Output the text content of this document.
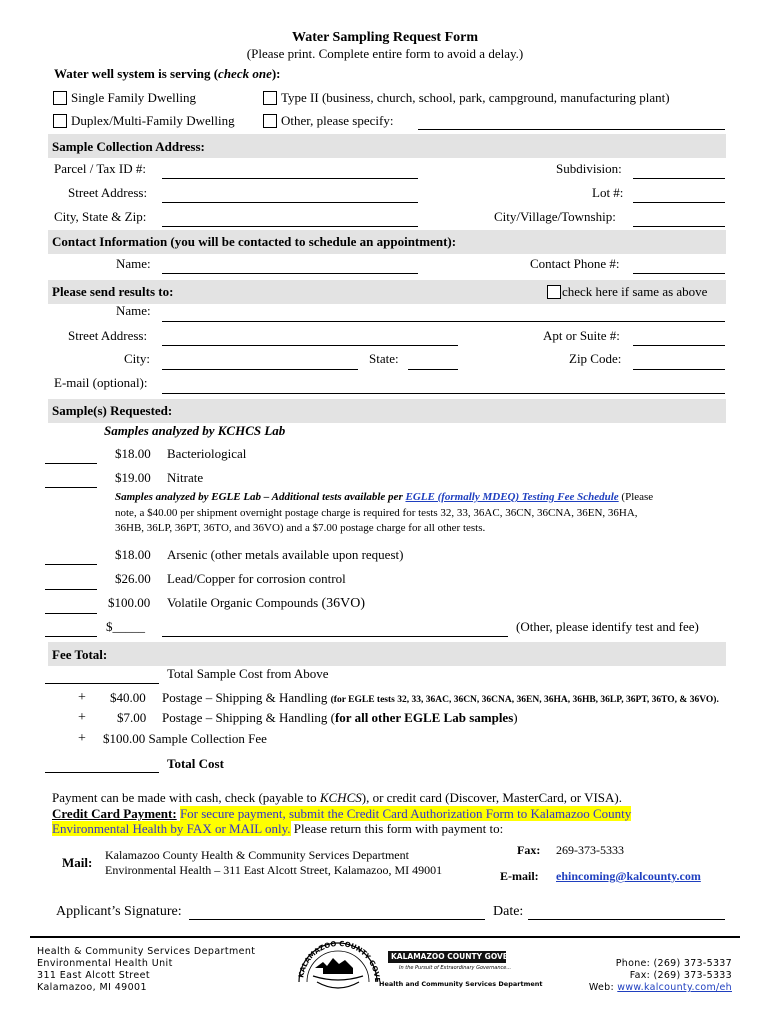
Water Sampling Request Form
(Please print. Complete entire form to avoid a delay.)
Water well system is serving (check one):
Single Family Dwelling	Type II (business, church, school, park, campground, manufacturing plant)
Duplex/Multi-Family Dwelling	Other, please specify:
Sample Collection Address:
Parcel / Tax ID #:	Subdivision:
Street Address:	Lot #:
City, State & Zip:	City/Village/Township:
Contact Information (you will be contacted to schedule an appointment):
Name:	Contact Phone #:
Please send results to:	check here if same as above
Name:
Street Address:	Apt or Suite #:
City:	State:	Zip Code:
E-mail (optional):
Sample(s) Requested:
Samples analyzed by KCHCS Lab
$18.00 Bacteriological
$19.00 Nitrate
Samples analyzed by EGLE Lab – Additional tests available per EGLE (formally MDEQ) Testing Fee Schedule (Please
note, a $40.00 per shipment overnight postage charge is required for tests 32, 33, 36AC, 36CN, 36CNA, 36EN, 36HA,
36HB, 36LP, 36PT, 36TO, and 36VO) and a $7.00 postage charge for all other tests.
$18.00 Arsenic (other metals available upon request)
$26.00 Lead/Copper for corrosion control
$100.00 Volatile Organic Compounds (36VO)
$_____	(Other, please identify test and fee)
Fee Total:
Total Sample Cost from Above
+ $40.00 Postage – Shipping & Handling (for EGLE tests 32, 33, 36AC, 36CN, 36CNA, 36EN, 36HA, 36HB, 36LP, 36PT, 36TO, & 36VO).
+ $7.00 Postage – Shipping & Handling (for all other EGLE Lab samples)
+ $100.00 Sample Collection Fee
Total Cost
Payment can be made with cash, check (payable to KCHCS), or credit card (Discover, MasterCard, or VISA).
Credit Card Payment: For secure payment, submit the Credit Card Authorization Form to Kalamazoo County
Environmental Health by FAX or MAIL only. Please return this form with payment to:
Mail: Kalamazoo County Health & Community Services Department
Environmental Health – 311 East Alcott Street, Kalamazoo, MI 49001
Fax: 269-373-5333
E-mail: ehincoming@kalcounty.com
Applicant’s Signature:	Date:
Health & Community Services Department
Environmental Health Unit
311 East Alcott Street
Kalamazoo, MI 49001
KALAMAZOO COUNTY GOVE
KALAMAZOO COUNTY GOVERNMENT
In the Pursuit of Extraordinary Governance...
Health and Community Services Department
Phone: (269) 373-5337
Fax: (269) 373-5333
Web: www.kalcounty.com/eh
